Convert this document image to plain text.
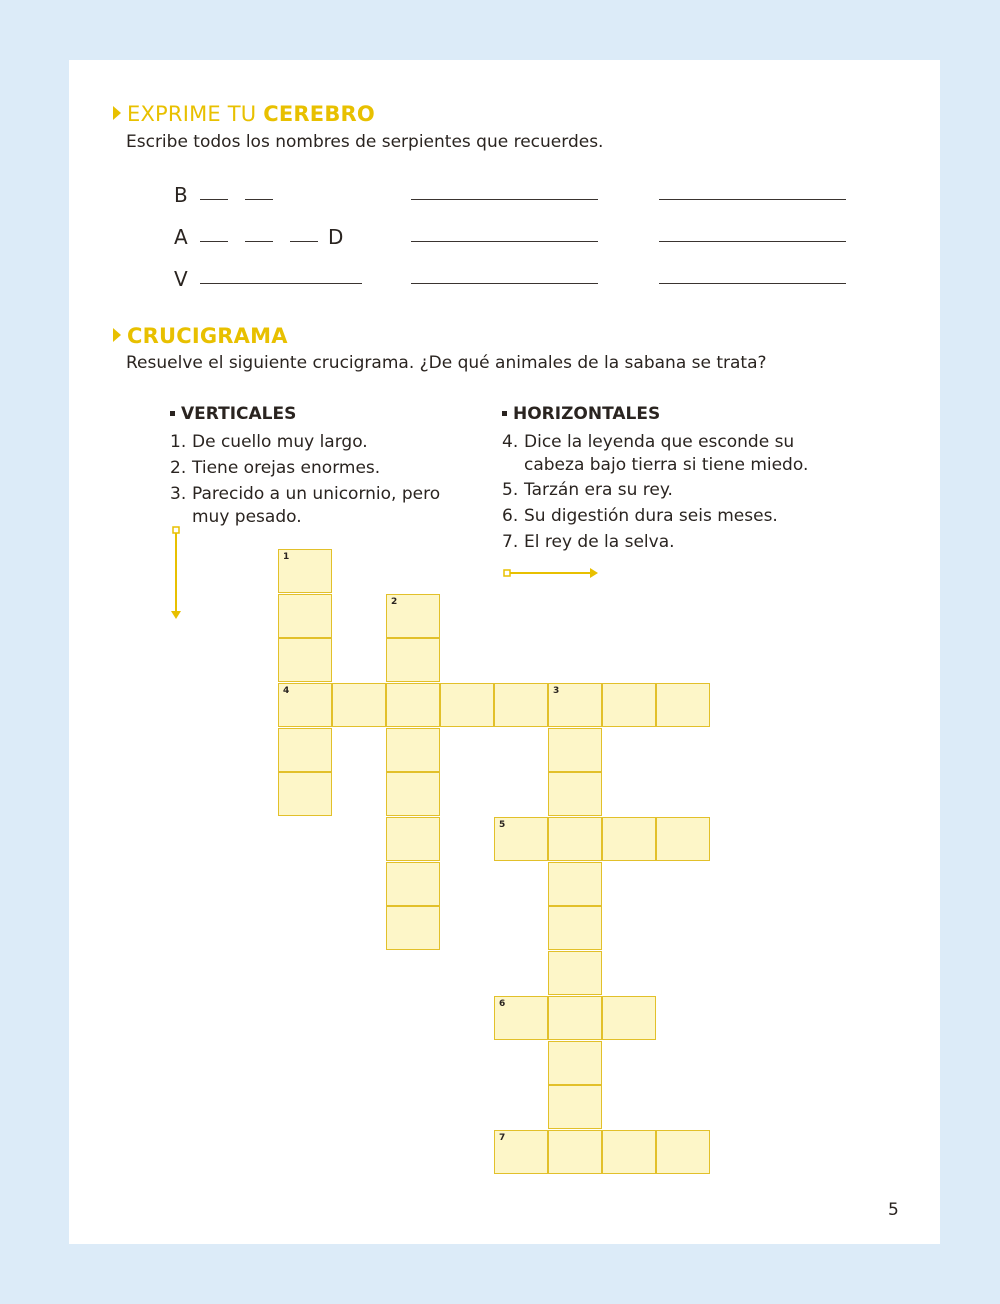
EXPRIME TU CEREBRO
Escribe todos los nombres de serpientes que recuerdes.
B
A	D
V
CRUCIGRAMA
Resuelve el siguiente crucigrama. ¿De qué animales de la sabana se trata?
VERTICALES
1. De cuello muy largo.
2. Tiene orejas enormes.
3. Parecido a un unicornio, pero muy pesado.
HORIZONTALES
4. Dice la leyenda que esconde su cabeza bajo tierra si tiene miedo.
5. Tarzán era su rey.
6. Su digestión dura seis meses.
7. El rey de la selva.
1
4
2
3
5
6
7
5
